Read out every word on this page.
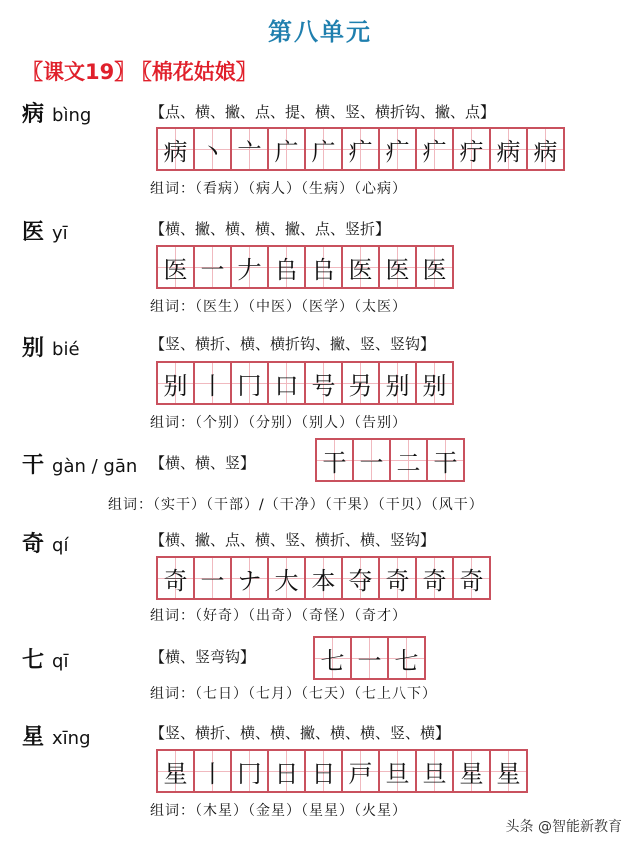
第八单元
〖课文19〗 〖棉花姑娘〗
病 bìng	【点、横、撇、点、提、横、竖、横折钩、撇、点】
病 丶 亠 广 广 疒 疒 疒 疔 病 病
组词：（看病）（病人）（生病）（心病）
医 yī	【横、撇、横、横、撇、点、竖折】
医 一 𠂇 𠂤 𠂤 医 医 医
组词：（医生）（中医）（医学）（太医）
别 bié	【竖、横折、横、横折钩、撇、竖、竖钩】
别 丨 冂 口 号 另 别 别
组词：（个别）（分别）（别人）（告别）
干 gàn / gān 【横、横、竖】	干 一 二 干
组词：（实干）（干部）/（干净）（干果）（干贝）（风干）
奇 qí	【横、撇、点、横、竖、横折、横、竖钩】
奇 一 ナ 大 本 夺 奇 奇 奇
组词：（好奇）（出奇）（奇怪）（奇才）
七 qī	【横、竖弯钩】	七 一 七
组词：（七日）（七月）（七天）（七上八下）
星 xīng	【竖、横折、横、横、撇、横、横、竖、横】
星 丨 冂 日 日 戸 旦 旦 星 星
组词：（木星）（金星）（星星）（火星）
头条 @智能新教育
